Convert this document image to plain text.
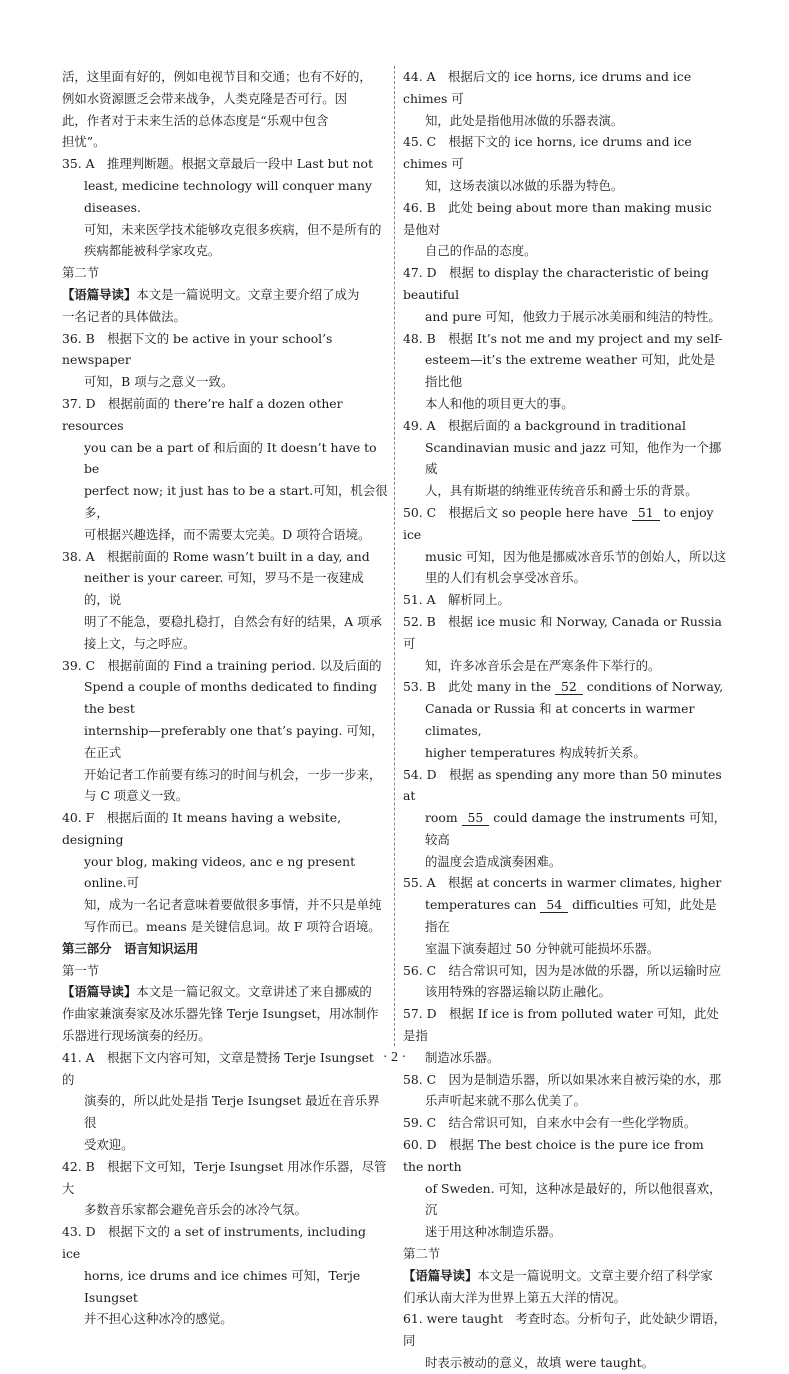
活，这里面有好的，例如电视节目和交通；也有不好的，
例如水资源匮乏会带来战争，人类克隆是否可行。因
此，作者对于未来生活的总体态度是“乐观中包含
担忧”。
35. A　推理判断题。根据文章最后一段中 Last but not
least, medicine technology will conquer many diseases.
可知，未来医学技术能够攻克很多疾病，但不是所有的
疾病都能被科学家攻克。
第二节
【语篇导读】本文是一篇说明文。文章主要介绍了成为
一名记者的具体做法。
36. B　根据下文的 be active in your school’s newspaper
可知，B 项与之意义一致。
37. D　根据前面的 there’re half a dozen other resources
you can be a part of 和后面的 It doesn’t have to be
perfect now; it just has to be a start.可知，机会很多，
可根据兴趣选择，而不需要太完美。D 项符合语境。
38. A　根据前面的 Rome wasn’t built in a day, and
neither is your career. 可知，罗马不是一夜建成的，说
明了不能急，要稳扎稳打，自然会有好的结果，A 项承
接上文，与之呼应。
39. C　根据前面的 Find a training period. 以及后面的
Spend a couple of months dedicated to finding the best
internship—preferably one that’s paying. 可知，在正式
开始记者工作前要有练习的时间与机会，一步一步来，
与 C 项意义一致。
40. F　根据后面的 It means having a website, designing
your blog, making videos, anc e ng present online.可
知，成为一名记者意味着要做很多事情，并不只是单纯
写作而已。means 是关键信息词。故 F 项符合语境。
第三部分　语言知识运用
第一节
【语篇导读】本文是一篇记叙文。文章讲述了来自挪威的
作曲家兼演奏家及冰乐器先锋 Terje Isungset，用冰制作
乐器进行现场演奏的经历。
41. A　根据下文内容可知，文章是赞扬 Terje Isungset 的
演奏的，所以此处是指 Terje Isungset 最近在音乐界很
受欢迎。
42. B　根据下文可知，Terje Isungset 用冰作乐器，尽管大
多数音乐家都会避免音乐会的冰冷气氛。
43. D　根据下文的 a set of instruments, including ice
horns, ice drums and ice chimes 可知，Terje Isungset
并不担心这种冰冷的感觉。
44. A　根据后文的 ice horns, ice drums and ice chimes 可
知，此处是指他用冰做的乐器表演。
45. C　根据下文的 ice horns, ice drums and ice chimes 可
知，这场表演以冰做的乐器为特色。
46. B　此处 being about more than making music 是他对
自己的作品的态度。
47. D　根据 to display the characteristic of being beautiful
and pure 可知，他致力于展示冰美丽和纯洁的特性。
48. B　根据 It’s not me and my project and my self-
esteem—it’s the extreme weather 可知，此处是指比他
本人和他的项目更大的事。
49. A　根据后面的 a background in traditional
Scandinavian music and jazz 可知，他作为一个挪威
人，具有斯堪的纳维亚传统音乐和爵士乐的背景。
50. C　根据后文 so people here have 51 to enjoy ice
music 可知，因为他是挪威冰音乐节的创始人，所以这
里的人们有机会享受冰音乐。
51. A　解析同上。
52. B　根据 ice music 和 Norway, Canada or Russia 可
知，许多冰音乐会是在严寒条件下举行的。
53. B　此处 many in the 52 conditions of Norway,
Canada or Russia 和 at concerts in warmer climates,
higher temperatures 构成转折关系。
54. D　根据 as spending any more than 50 minutes at
room 55 could damage the instruments 可知，较高
的温度会造成演奏困难。
55. A　根据 at concerts in warmer climates, higher
temperatures can 54 difficulties 可知，此处是指在
室温下演奏超过 50 分钟就可能损坏乐器。
56. C　结合常识可知，因为是冰做的乐器，所以运输时应
该用特殊的容器运输以防止融化。
57. D　根据 If ice is from polluted water 可知，此处是指
制造冰乐器。
58. C　因为是制造乐器，所以如果冰来自被污染的水，那
乐声听起来就不那么优美了。
59. C　结合常识可知，自来水中会有一些化学物质。
60. D　根据 The best choice is the pure ice from the north
of Sweden. 可知，这种冰是最好的，所以他很喜欢，沉
迷于用这种冰制造乐器。
第二节
【语篇导读】本文是一篇说明文。文章主要介绍了科学家
们承认南大洋为世界上第五大洋的情况。
61. were taught　考查时态。分析句子，此处缺少谓语，同
时表示被动的意义，故填 were taught。
· 2 ·
